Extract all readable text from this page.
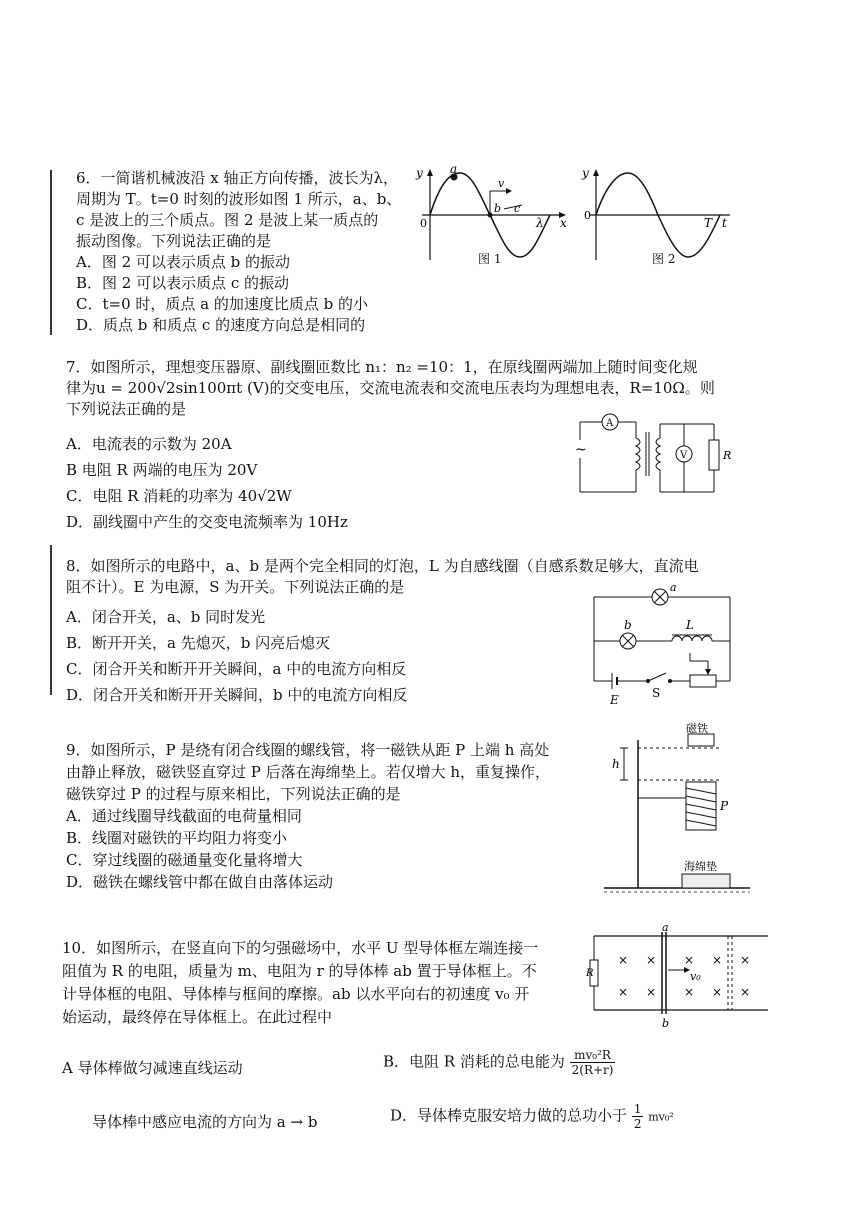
6．一简谐机械波沿 x 轴正方向传播，波长为λ，
周期为 T。t=0 时刻的波形如图 1 所示，a、b、
c 是波上的三个质点。图 2 是波上某一质点的
振动图像。下列说法正确的是
A．图 2 可以表示质点 b 的振动
B．图 2 可以表示质点 c 的振动
C．t=0 时，质点 a 的加速度比质点 b 的小
D．质点 b 和质点 c 的速度方向总是相同的
y
0	x
a
b c
v
λ
图 1
y
0
T t
图 2
7．如图所示，理想变压器原、副线圈匝数比 n₁：n₂ =10：1，在原线圈两端加上随时间变化规
律为u = 200√2sin100πt (V)的交变电压，交流电流表和交流电压表均为理想电表，R=10Ω。则
下列说法正确的是
A．电流表的示数为 20A
B 电阻 R 两端的电压为 20V
C．电阻 R 消耗的功率为 40√2W
D．副线圈中产生的交变电流频率为 10Hz
~
A
V	R
8．如图所示的电路中，a、b 是两个完全相同的灯泡，L 为自感线圈（自感系数足够大，直流电
阻不计）。E 为电源，S 为开关。下列说法正确的是
A．闭合开关，a、b 同时发光
B．断开开关，a 先熄灭，b 闪亮后熄灭
C．闭合开关和断开开关瞬间，a 中的电流方向相反
D．闭合开关和断开开关瞬间，b 中的电流方向相反
a
b	L
E	S
9．如图所示，P 是绕有闭合线圈的螺线管，将一磁铁从距 P 上端 h 高处
由静止释放，磁铁竖直穿过 P 后落在海绵垫上。若仅增大 h，重复操作，
磁铁穿过 P 的过程与原来相比，下列说法正确的是
A．通过线圈导线截面的电荷量相同
B．线圈对磁铁的平均阻力将变小
C．穿过线圈的磁通量变化量将增大
D．磁铁在螺线管中都在做自由落体运动
磁铁
h
P
海绵垫
10．如图所示，在竖直向下的匀强磁场中，水平 U 型导体框左端连接一
阻值为 R 的电阻，质量为 m、电阻为 r 的导体棒 ab 置于导体框上。不
计导体框的电阻、导体棒与框间的摩擦。ab 以水平向右的初速度 v₀ 开
始运动，最终停在导体框上。在此过程中
× × × × ×
× × × × ×
a
b
R	v₀
A 导体棒做匀减速直线运动	B．电阻 R 消耗的总电能为 $\frac{\text{mv₀²R}}{2(R+r)}$
导体棒中感应电流的方向为 a → b	D．导体棒克服安培力做的总功小于 $\frac{1}{2} mv_0^2$
